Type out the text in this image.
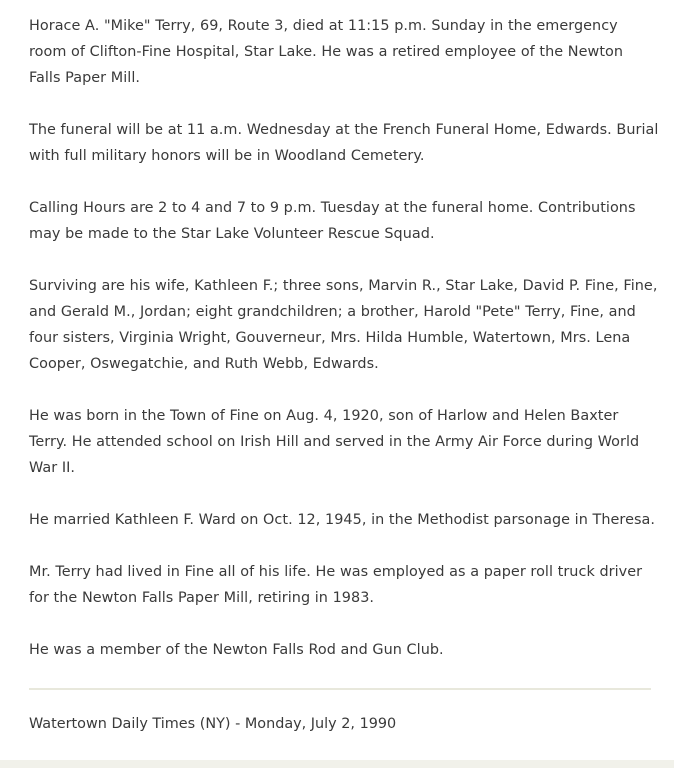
Horace A. "Mike" Terry, 69, Route 3, died at 11:15 p.m. Sunday in the emergency room of Clifton-Fine Hospital, Star Lake. He was a retired employee of the Newton Falls Paper Mill.

The funeral will be at 11 a.m. Wednesday at the French Funeral Home, Edwards. Burial with full military honors will be in Woodland Cemetery.

Calling Hours are 2 to 4 and 7 to 9 p.m. Tuesday at the funeral home. Contributions may be made to the Star Lake Volunteer Rescue Squad.

Surviving are his wife, Kathleen F.; three sons, Marvin R., Star Lake, David P. Fine, Fine, and Gerald M., Jordan; eight grandchildren; a brother, Harold "Pete" Terry, Fine, and four sisters, Virginia Wright, Gouverneur, Mrs. Hilda Humble, Watertown, Mrs. Lena Cooper, Oswegatchie, and Ruth Webb, Edwards.

He was born in the Town of Fine on Aug. 4, 1920, son of Harlow and Helen Baxter Terry. He attended school on Irish Hill and served in the Army Air Force during World War II.

He married Kathleen F. Ward on Oct. 12, 1945, in the Methodist parsonage in Theresa.

Mr. Terry had lived in Fine all of his life. He was employed as a paper roll truck driver for the Newton Falls Paper Mill, retiring in 1983.

He was a member of the Newton Falls Rod and Gun Club.

Watertown Daily Times (NY) - Monday, July 2, 1990
